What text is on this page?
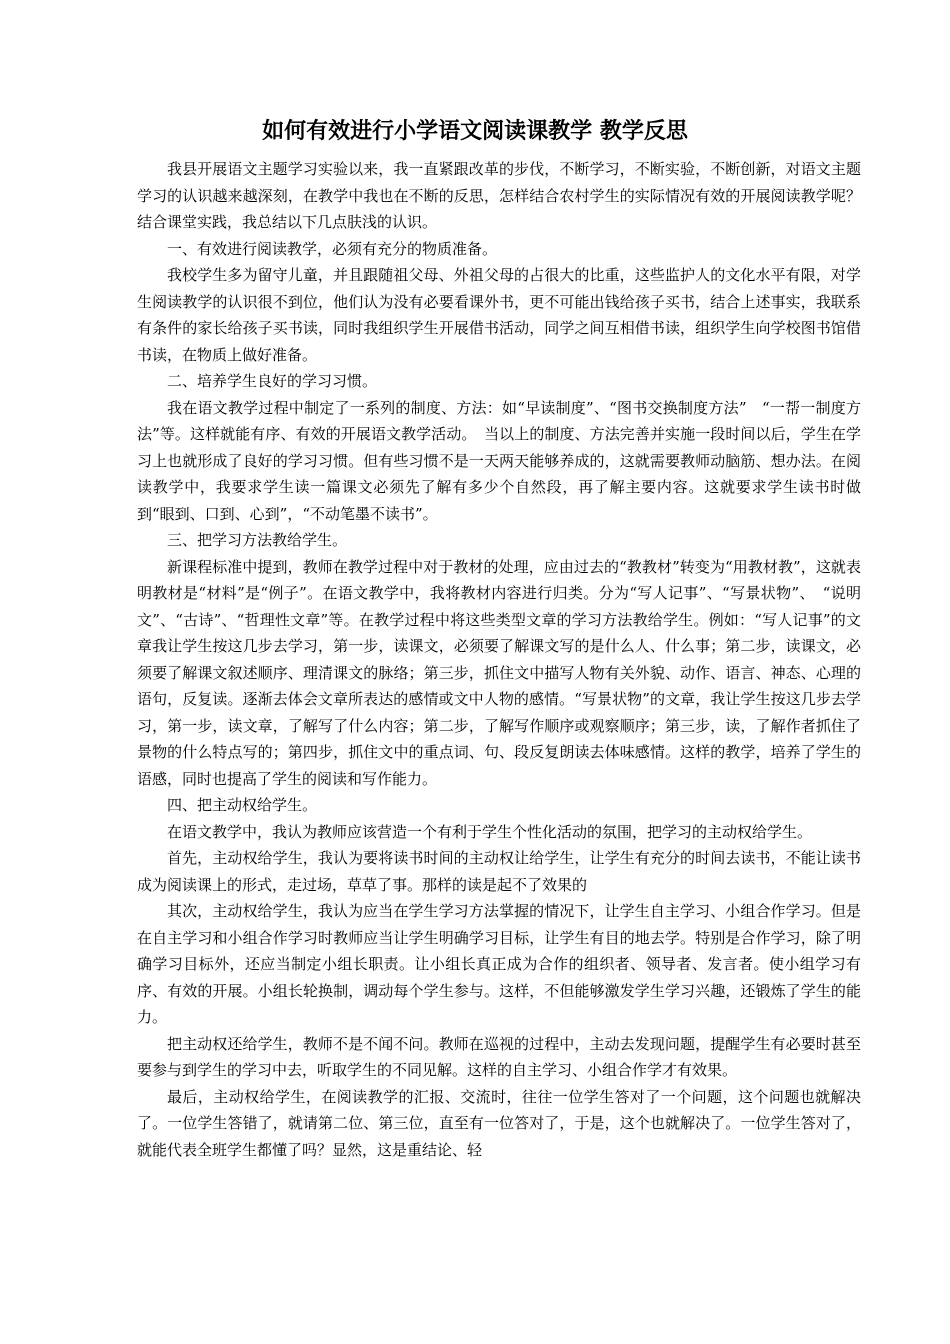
如何有效进行小学语文阅读课教学 教学反思

我县开展语文主题学习实验以来，我一直紧跟改革的步伐，不断学习，不断实验，不断创新，对语文主题学习的认识越来越深刻，在教学中我也在不断的反思，怎样结合农村学生的实际情况有效的开展阅读教学呢？结合课堂实践，我总结以下几点肤浅的认识。

一、有效进行阅读教学，必须有充分的物质准备。

我校学生多为留守儿童，并且跟随祖父母、外祖父母的占很大的比重，这些监护人的文化水平有限，对学生阅读教学的认识很不到位，他们认为没有必要看课外书，更不可能出钱给孩子买书，结合上述事实，我联系有条件的家长给孩子买书读，同时我组织学生开展借书活动，同学之间互相借书读，组织学生向学校图书馆借书读，在物质上做好准备。

二、培养学生良好的学习习惯。

我在语文教学过程中制定了一系列的制度、方法：如“早读制度”、“图书交换制度方法”　“一帮一制度方法”等。这样就能有序、有效的开展语文教学活动。　当以上的制度、方法完善并实施一段时间以后，学生在学习上也就形成了良好的学习习惯。但有些习惯不是一天两天能够养成的，这就需要教师动脑筋、想办法。在阅读教学中，我要求学生读一篇课文必须先了解有多少个自然段，再了解主要内容。这就要求学生读书时做到“眼到、口到、心到”，“不动笔墨不读书”。

三、把学习方法教给学生。

新课程标准中提到，教师在教学过程中对于教材的处理，应由过去的“教教材”转变为“用教材教”，这就表明教材是“材料”是“例子”。在语文教学中，我将教材内容进行归类。分为“写人记事”、“写景状物”、　“说明文”、“古诗”、“哲理性文章”等。在教学过程中将这些类型文章的学习方法教给学生。例如：“写人记事”的文章我让学生按这几步去学习，第一步，读课文，必须要了解课文写的是什么人、什么事；第二步，读课文，必须要了解课文叙述顺序、理清课文的脉络；第三步，抓住文中描写人物有关外貌、动作、语言、神态、心理的语句，反复读。逐渐去体会文章所表达的感情或文中人物的感情。“写景状物”的文章，我让学生按这几步去学习，第一步，读文章，了解写了什么内容；第二步，了解写作顺序或观察顺序；第三步，读，了解作者抓住了景物的什么特点写的；第四步，抓住文中的重点词、句、段反复朗读去体味感情。这样的教学，培养了学生的语感，同时也提高了学生的阅读和写作能力。

四、把主动权给学生。

在语文教学中，我认为教师应该营造一个有利于学生个性化活动的氛围，把学习的主动权给学生。

首先，主动权给学生，我认为要将读书时间的主动权让给学生，让学生有充分的时间去读书，不能让读书成为阅读课上的形式，走过场，草草了事。那样的读是起不了效果的

其次，主动权给学生，我认为应当在学生学习方法掌握的情况下，让学生自主学习、小组合作学习。但是在自主学习和小组合作学习时教师应当让学生明确学习目标，让学生有目的地去学。特别是合作学习，除了明确学习目标外，还应当制定小组长职责。让小组长真正成为合作的组织者、领导者、发言者。使小组学习有序、有效的开展。小组长轮换制，调动每个学生参与。这样，不但能够激发学生学习兴趣，还锻炼了学生的能力。

把主动权还给学生，教师不是不闻不问。教师在巡视的过程中，主动去发现问题，提醒学生有必要时甚至要参与到学生的学习中去，听取学生的不同见解。这样的自主学习、小组合作学才有效果。

最后，主动权给学生，在阅读教学的汇报、交流时，往往一位学生答对了一个问题，这个问题也就解决了。一位学生答错了，就请第二位、第三位，直至有一位答对了，于是，这个也就解决了。一位学生答对了，就能代表全班学生都懂了吗？显然，这是重结论、轻
